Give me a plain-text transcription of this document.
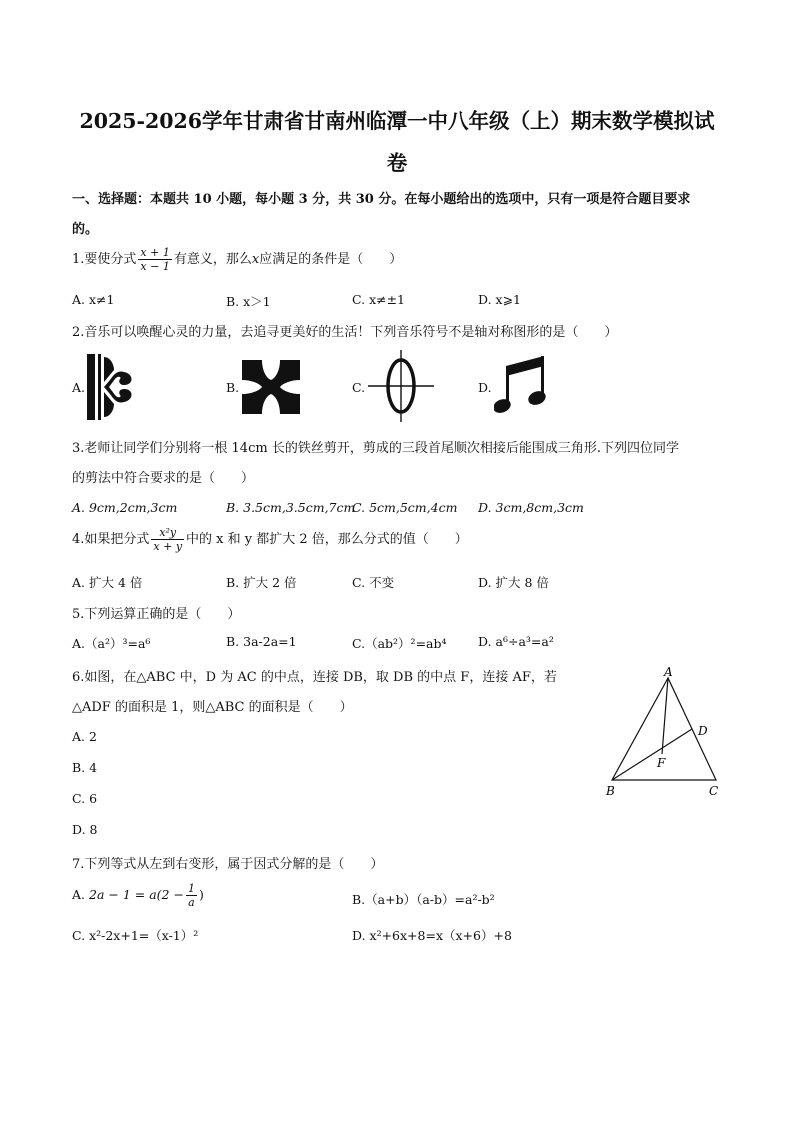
2025-2026学年甘肃省甘南州临潭一中八年级（上）期末数学模拟试
卷
一、选择题：本题共 10 小题，每小题 3 分，共 30 分。在每小题给出的选项中，只有一项是符合题目要求
的。
1.要使分式 $\frac{x + 1}{x - 1}$ 有意义，那么x应满足的条件是（　　）
A. x≠1	B. x＞1	C. x≠±1	D. x⩾1
2.音乐可以唤醒心灵的力量，去追寻更美好的生活！下列音乐符号不是轴对称图形的是（　　）
A.	B.	C.	D.
3.老师让同学们分别将一根 14cm 长的铁丝剪开，剪成的三段首尾顺次相接后能围成三角形.下列四位同学
的剪法中符合要求的是（　　）
A. 9cm,2cm,3cm	B. 3.5cm,3.5cm,7cm
C. 5cm,5cm,4cm D. 3cm,8cm,3cm
4.如果把分式 $\frac{\text{x²y}}{x + y}$ 中的 x 和 y 都扩大 2 倍，那么分式的值（　　）
A. 扩大 4 倍	B. 扩大 2 倍	C. 不变	D. 扩大 8 倍
5.下列运算正确的是（　　）
A.（a²）³=a⁶	B. 3a-2a=1	C.（ab²）²=ab⁴	D. a⁶÷a³=a²
6.如图，在△ABC 中，D 为 AC 的中点，连接 DB，取 DB 的中点 F，连接 AF，若
△ADF 的面积是 1，则△ABC 的面积是（　　）
A. 2
B. 4
C. 6
D. 8
A
B	C
D
F
7.下列等式从左到右变形，属于因式分解的是（　　）
A. $2a - 1 = a(2 - \frac{1}{a}$ )	B.（a+b）（a-b）=a²-b²
C. x²-2x+1=（x-1）²	D. x²+6x+8=x（x+6）+8
